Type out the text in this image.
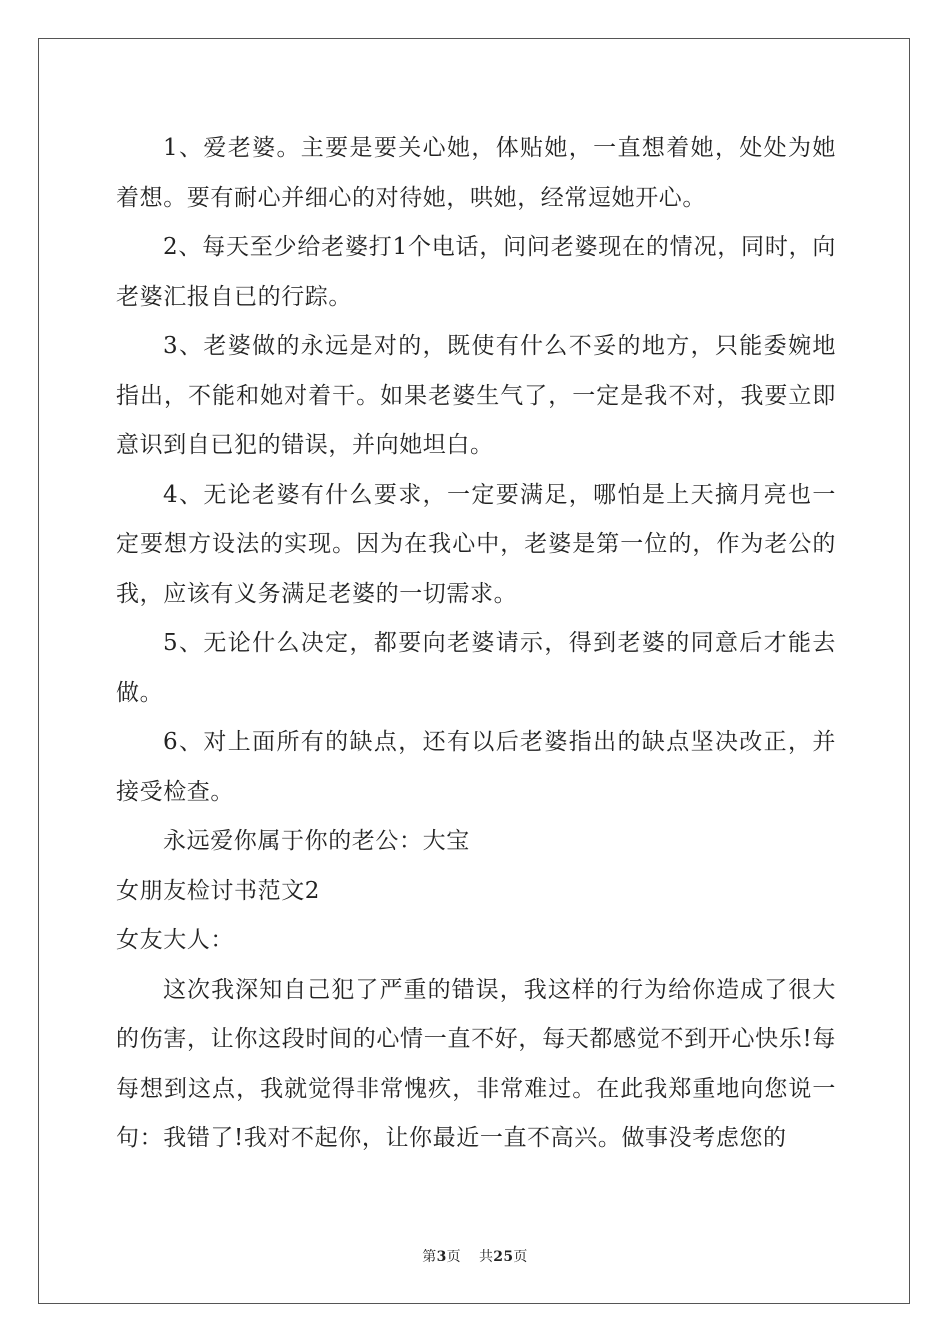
1、爱老婆。主要是要关心她，体贴她，一直想着她，处处为她着想。要有耐心并细心的对待她，哄她，经常逗她开心。

2、每天至少给老婆打1个电话，问问老婆现在的情况，同时，向老婆汇报自已的行踪。

3、老婆做的永远是对的，既使有什么不妥的地方，只能委婉地指出，不能和她对着干。如果老婆生气了，一定是我不对，我要立即意识到自已犯的错误，并向她坦白。

4、无论老婆有什么要求，一定要满足，哪怕是上天摘月亮也一定要想方设法的实现。因为在我心中，老婆是第一位的，作为老公的我，应该有义务满足老婆的一切需求。

5、无论什么决定，都要向老婆请示，得到老婆的同意后才能去做。

6、对上面所有的缺点，还有以后老婆指出的缺点坚决改正，并接受检查。

永远爱你属于你的老公：大宝

女朋友检讨书范文2

女友大人：

这次我深知自己犯了严重的错误，我这样的行为给你造成了很大的伤害，让你这段时间的心情一直不好，每天都感觉不到开心快乐!每每想到这点，我就觉得非常愧疚，非常难过。在此我郑重地向您说一句：我错了!我对不起你，让你最近一直不高兴。做事没考虑您的

第3页 共25页
